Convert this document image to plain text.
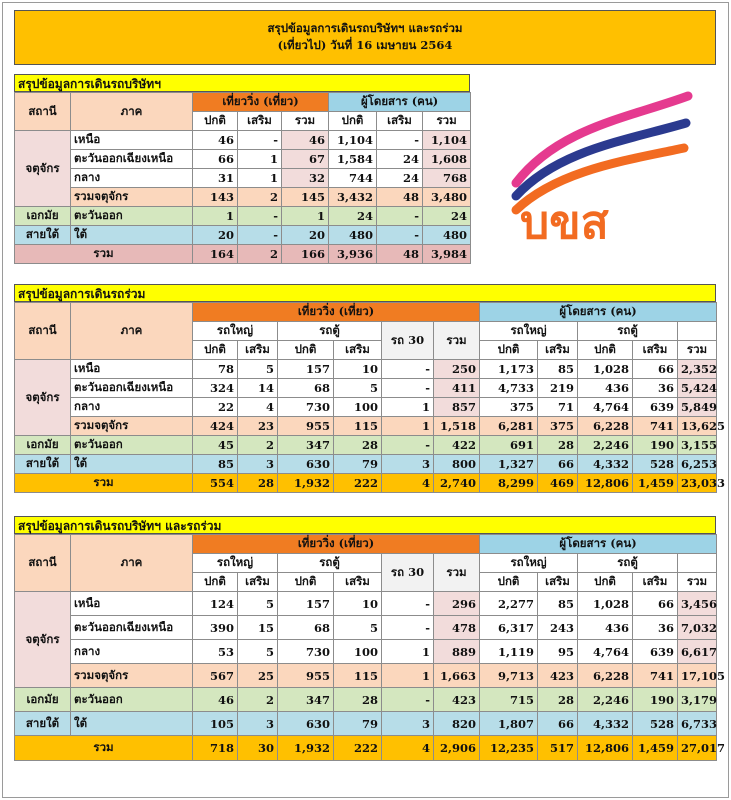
สรุปข้อมูลการเดินรถบริษัทฯ และรถร่วม
(เที่ยวไป) วันที่ 16 เมษายน 2564
บขส
สรุปข้อมูลการเดินรถบริษัทฯ
สถานี	ภาค	เที่ยววิ่ง (เที่ยว)			ผู้โดยสาร (คน)		
		ปกติ	เสริม	รวม	ปกติ	เสริม	รวม
จตุจักร	เหนือ	46	-	46	1,104	-	1,104
	ตะวันออกเฉียงเหนือ	66	1	67	1,584	24	1,608
	กลาง	31	1	32	744	24	768
	รวมจตุจักร	143	2	145	3,432	48	3,480
เอกมัย	ตะวันออก	1	-	1	24	-	24
สายใต้	ใต้	20	-	20	480	-	480
รวม		164	2	166	3,936	48	3,984
สรุปข้อมูลการเดินรถร่วม
สถานี	ภาค	เที่ยววิ่ง (เที่ยว)						ผู้โดยสาร (คน)				
		รถใหญ่		รถตู้		รถ 30	รวม	รถใหญ่		รถตู้		
		ปกติ	เสริม	ปกติ	เสริม			ปกติ	เสริม	ปกติ	เสริม	รวม
จตุจักร	เหนือ	78	5	157	10	-	250	1,173	85	1,028	66	2,352
	ตะวันออกเฉียงเหนือ	324	14	68	5	-	411	4,733	219	436	36	5,424
	กลาง	22	4	730	100	1	857	375	71	4,764	639	5,849
	รวมจตุจักร	424	23	955	115	1	1,518	6,281	375	6,228	741	13,625
เอกมัย	ตะวันออก	45	2	347	28	-	422	691	28	2,246	190	3,155
สายใต้	ใต้	85	3	630	79	3	800	1,327	66	4,332	528	6,253
รวม		554	28	1,932	222	4	2,740	8,299	469	12,806	1,459	23,033
สรุปข้อมูลการเดินรถบริษัทฯ และรถร่วม
สถานี	ภาค	เที่ยววิ่ง (เที่ยว)						ผู้โดยสาร (คน)				
		รถใหญ่		รถตู้		รถ 30	รวม	รถใหญ่		รถตู้		
		ปกติ	เสริม	ปกติ	เสริม			ปกติ	เสริม	ปกติ	เสริม	รวม
จตุจักร	เหนือ	124	5	157	10	-	296	2,277	85	1,028	66	3,456
	ตะวันออกเฉียงเหนือ	390	15	68	5	-	478	6,317	243	436	36	7,032
	กลาง	53	5	730	100	1	889	1,119	95	4,764	639	6,617
	รวมจตุจักร	567	25	955	115	1	1,663	9,713	423	6,228	741	17,105
เอกมัย	ตะวันออก	46	2	347	28	-	423	715	28	2,246	190	3,179
สายใต้	ใต้	105	3	630	79	3	820	1,807	66	4,332	528	6,733
รวม		718	30	1,932	222	4	2,906	12,235	517	12,806	1,459	27,017
